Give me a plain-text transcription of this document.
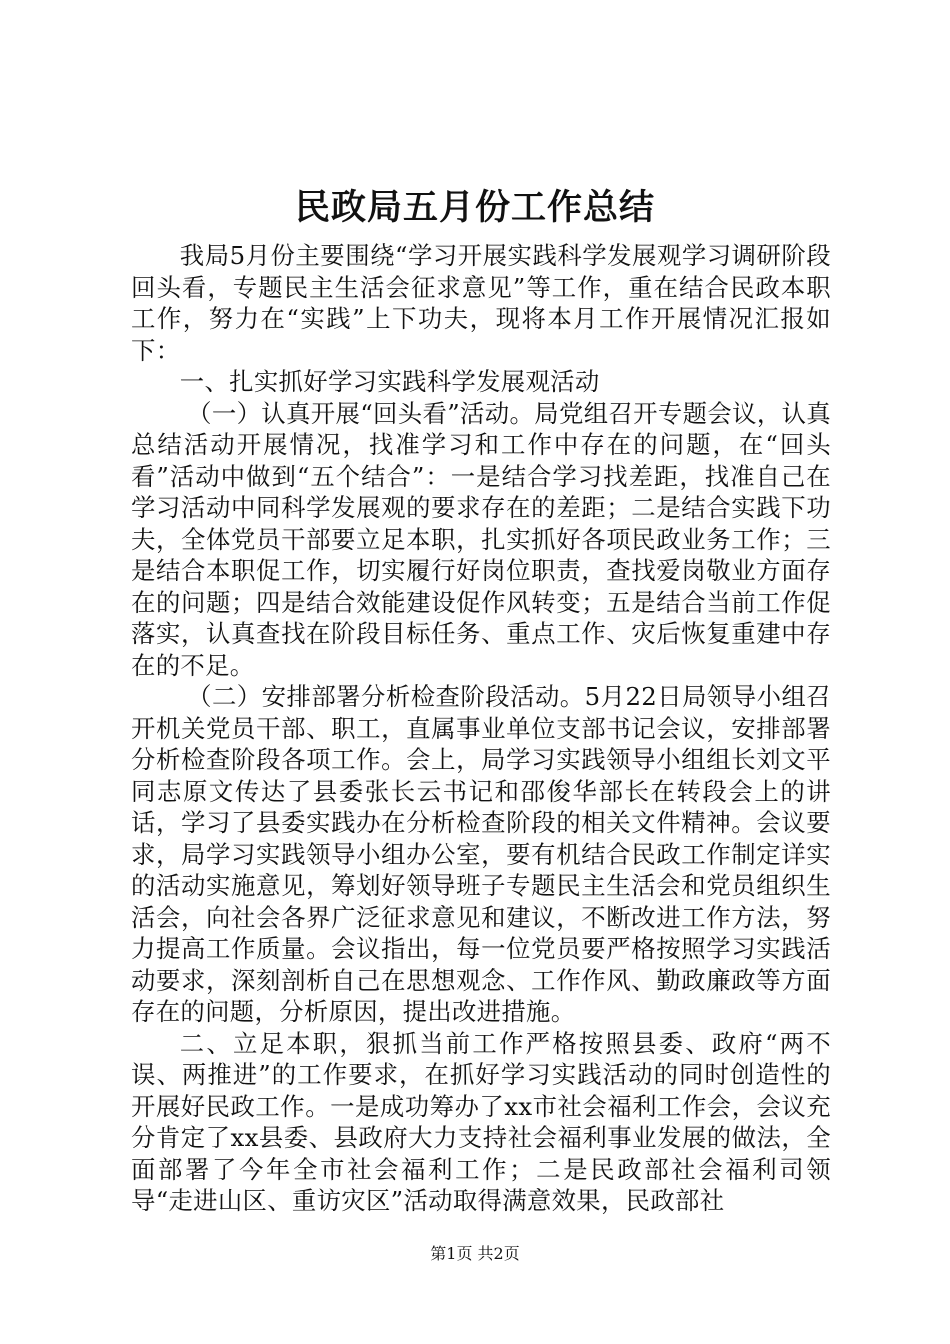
民政局五月份工作总结

我局5月份主要围绕“学习开展实践科学发展观学习调研阶段回头看，专题民主生活会征求意见”等工作，重在结合民政本职工作，努力在“实践”上下功夫，现将本月工作开展情况汇报如下：

一、扎实抓好学习实践科学发展观活动

（一）认真开展“回头看”活动。局党组召开专题会议，认真总结活动开展情况，找准学习和工作中存在的问题，在“回头看”活动中做到“五个结合”：一是结合学习找差距，找准自己在学习活动中同科学发展观的要求存在的差距；二是结合实践下功夫，全体党员干部要立足本职，扎实抓好各项民政业务工作；三是结合本职促工作，切实履行好岗位职责，查找爱岗敬业方面存在的问题；四是结合效能建设促作风转变；五是结合当前工作促落实，认真查找在阶段目标任务、重点工作、灾后恢复重建中存在的不足。

（二）安排部署分析检查阶段活动。5月22日局领导小组召开机关党员干部、职工，直属事业单位支部书记会议，安排部署分析检查阶段各项工作。会上，局学习实践领导小组组长刘文平同志原文传达了县委张长云书记和邵俊华部长在转段会上的讲话，学习了县委实践办在分析检查阶段的相关文件精神。会议要求，局学习实践领导小组办公室，要有机结合民政工作制定详实的活动实施意见，筹划好领导班子专题民主生活会和党员组织生活会，向社会各界广泛征求意见和建议，不断改进工作方法，努力提高工作质量。会议指出，每一位党员要严格按照学习实践活动要求，深刻剖析自己在思想观念、工作作风、勤政廉政等方面存在的问题，分析原因，提出改进措施。

二、立足本职，狠抓当前工作严格按照县委、政府“两不误、两推进”的工作要求，在抓好学习实践活动的同时创造性的开展好民政工作。一是成功筹办了xx市社会福利工作会，会议充分肯定了xx县委、县政府大力支持社会福利事业发展的做法，全面部署了今年全市社会福利工作；二是民政部社会福利司领导“走进山区、重访灾区”活动取得满意效果，民政部社

第1页 共2页
